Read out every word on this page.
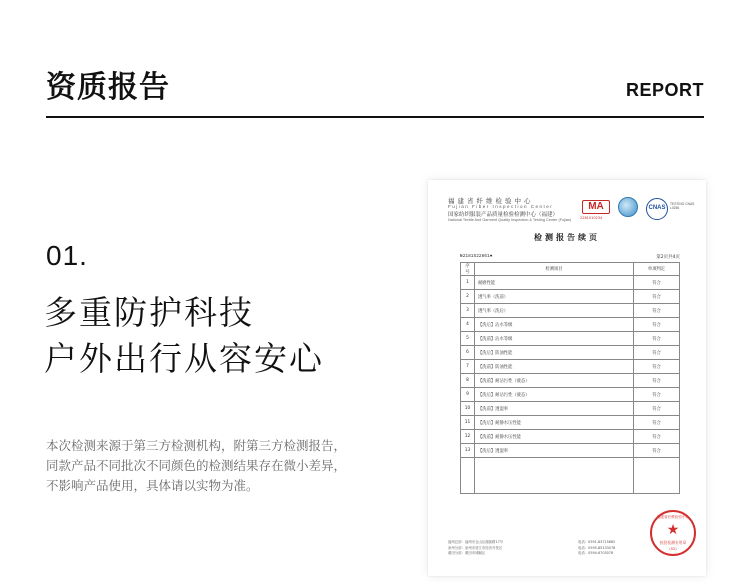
资质报告	REPORT
01.
多重防护科技
户外出行从容安心
本次检测来源于第三方检测机构，附第三方检测报告，
同款产品不同批次不同颜色的检测结果存在微小差异，
不影响产品使用，具体请以实物为准。
福建省纤维检验中心
Fujian Fiber Inspection Center
国家纺织服装产品质量检验检测中心（福建）
National Textile And Garment Quality Inspection & Testing Center (Fujian)
MA
2281010234
CNAS
TESTING CNAS L0256
检测报告续页
№2181522661●	第2页共4页
序号	检测项目	单项判定
1	耐磨性能	符合
2	透气率（洗前）	符合
3	透气率（洗后）	符合
4	【洗后】沾水等级	符合
5	【洗前】沾水等级	符合
6	【洗后】防油性能	符合
7	【洗前】防油性能	符合
8	【洗前】耐沾污性（液态）	符合
9	【洗后】耐沾污性（液态）	符合
10	【洗前】透湿率	符合
11	【洗后】耐静水压性能	符合
12	【洗前】耐静水压性能	符合
13	【洗后】透湿率	符合

福州总部：福州市仓山区湖滨路17号
泉州分部：泉州市晋江市经济开发区
莆田分部：莆田市城厢区
电话：0591-83715682
电话：0595-85133078
电话：0594-6703078
福建省纤维检验中心
★
检验检测专用章
(02)
